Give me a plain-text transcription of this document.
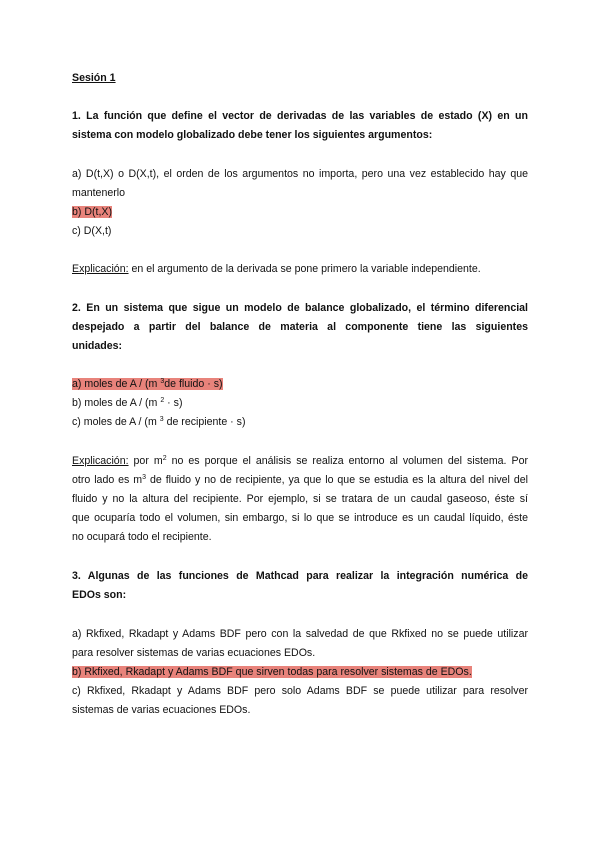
Sesión 1
1. La función que define el vector de derivadas de las variables de estado (X) en un
sistema con modelo globalizado debe tener los siguientes argumentos:
a) D(t,X) o D(X,t), el orden de los argumentos no importa, pero una vez establecido hay que
mantenerlo
b) D(t,X)
c) D(X,t)
Explicación: en el argumento de la derivada se pone primero la variable independiente.
2. En un sistema que sigue un modelo de balance globalizado, el término diferencial
despejado a partir del balance de materia al componente tiene las siguientes
unidades:
a) moles de A / (m $^3$de fluido · s)
b) moles de A / (m $^2$ · s)
c) moles de A / (m $^3$ de recipiente · s)
Explicación: por $m^2$ no es porque el análisis se realiza entorno al volumen del sistema. Por
otro lado es $m^3$ de fluido y no de recipiente, ya que lo que se estudia es la altura del nivel del
fluido y no la altura del recipiente. Por ejemplo, si se tratara de un caudal gaseoso, éste sí
que ocuparía todo el volumen, sin embargo, si lo que se introduce es un caudal líquido, éste
no ocupará todo el recipiente.
3. Algunas de las funciones de Mathcad para realizar la integración numérica de
EDOs son:
a) Rkfixed, Rkadapt y Adams BDF pero con la salvedad de que Rkfixed no se puede utilizar
para resolver sistemas de varias ecuaciones EDOs.
b) Rkfixed, Rkadapt y Adams BDF que sirven todas para resolver sistemas de EDOs.
c) Rkfixed, Rkadapt y Adams BDF pero solo Adams BDF se puede utilizar para resolver
sistemas de varias ecuaciones EDOs.
